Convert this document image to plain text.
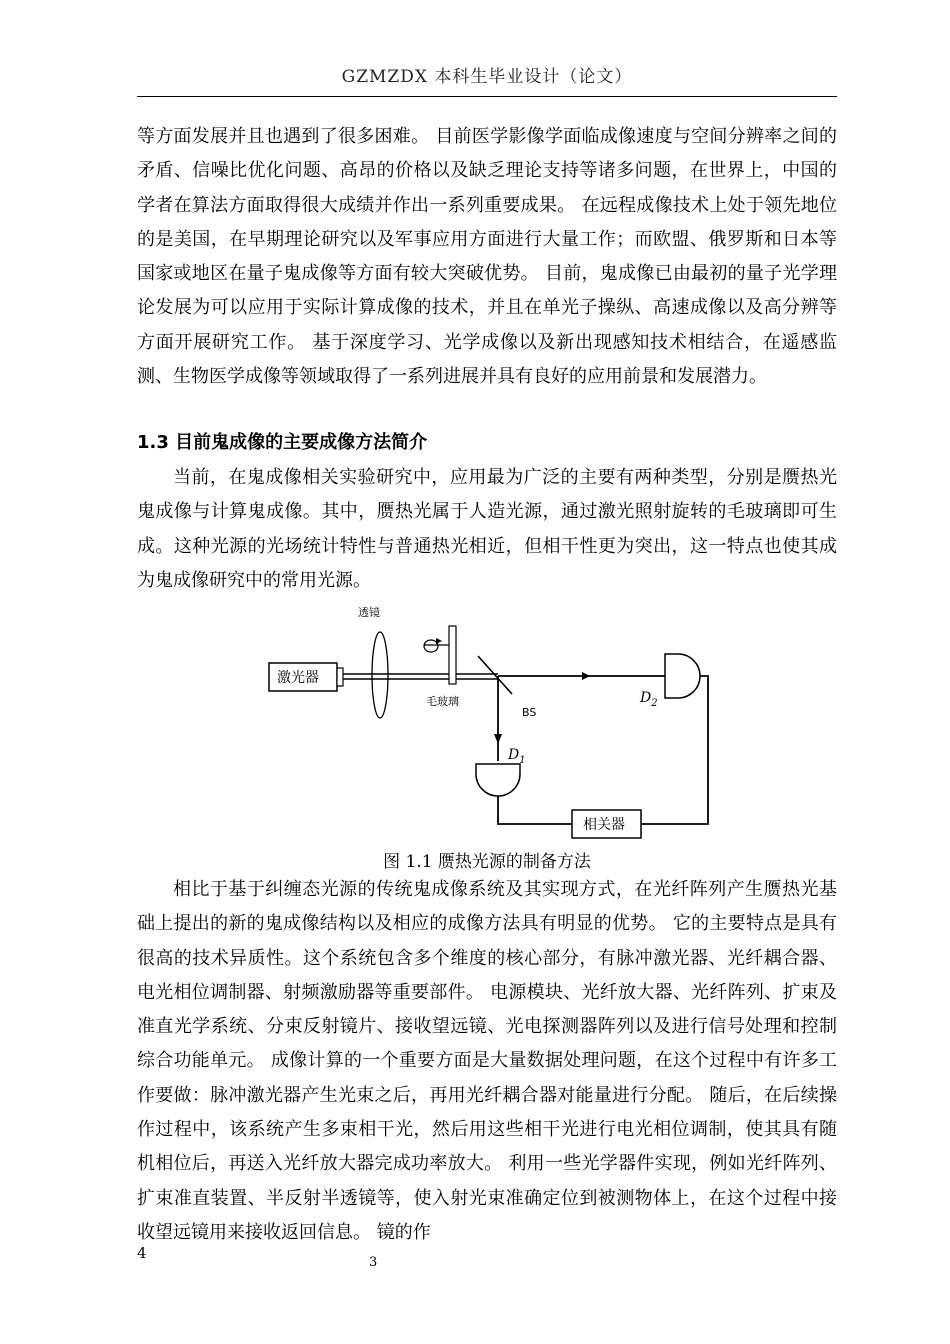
GZMZDX 本科生毕业设计（论文）

等方面发展并且也遇到了很多困难。 目前医学影像学面临成像速度与空间分辨率之间的矛盾、信噪比优化问题、高昂的价格以及缺乏理论支持等诸多问题，在世界上，中国的学者在算法方面取得很大成绩并作出一系列重要成果。 在远程成像技术上处于领先地位的是美国，在早期理论研究以及军事应用方面进行大量工作；而欧盟、俄罗斯和日本等国家或地区在量子鬼成像等方面有较大突破优势。 目前，鬼成像已由最初的量子光学理论发展为可以应用于实际计算成像的技术，并且在单光子操纵、高速成像以及高分辨等方面开展研究工作。 基于深度学习、光学成像以及新出现感知技术相结合，在遥感监测、生物医学成像等领域取得了一系列进展并具有良好的应用前景和发展潜力。

1.3 目前鬼成像的主要成像方法简介

当前，在鬼成像相关实验研究中，应用最为广泛的主要有两种类型，分别是赝热光鬼成像与计算鬼成像。其中，赝热光属于人造光源，通过激光照射旋转的毛玻璃即可生成。这种光源的光场统计特性与普通热光相近，但相干性更为突出，这一特点也使其成为鬼成像研究中的常用光源。

激光器
透镜
毛玻璃
BS
$D_2$
$D_1$
相关器
图 1.1 赝热光源的制备方法

相比于基于纠缠态光源的传统鬼成像系统及其实现方式，在光纤阵列产生赝热光基础上提出的新的鬼成像结构以及相应的成像方法具有明显的优势。 它的主要特点是具有很高的技术异质性。这个系统包含多个维度的核心部分，有脉冲激光器、光纤耦合器、电光相位调制器、射频激励器等重要部件。 电源模块、光纤放大器、光纤阵列、扩束及准直光学系统、分束反射镜片、接收望远镜、光电探测器阵列以及进行信号处理和控制综合功能单元。 成像计算的一个重要方面是大量数据处理问题，在这个过程中有许多工作要做：脉冲激光器产生光束之后，再用光纤耦合器对能量进行分配。 随后，在后续操作过程中，该系统产生多束相干光，然后用这些相干光进行电光相位调制，使其具有随机相位后，再送入光纤放大器完成功率放大。 利用一些光学器件实现，例如光纤阵列、扩束准直装置、半反射半透镜等，使入射光束准确定位到被测物体上，在这个过程中接收望远镜用来接收返回信息。 镜的作

4
3
